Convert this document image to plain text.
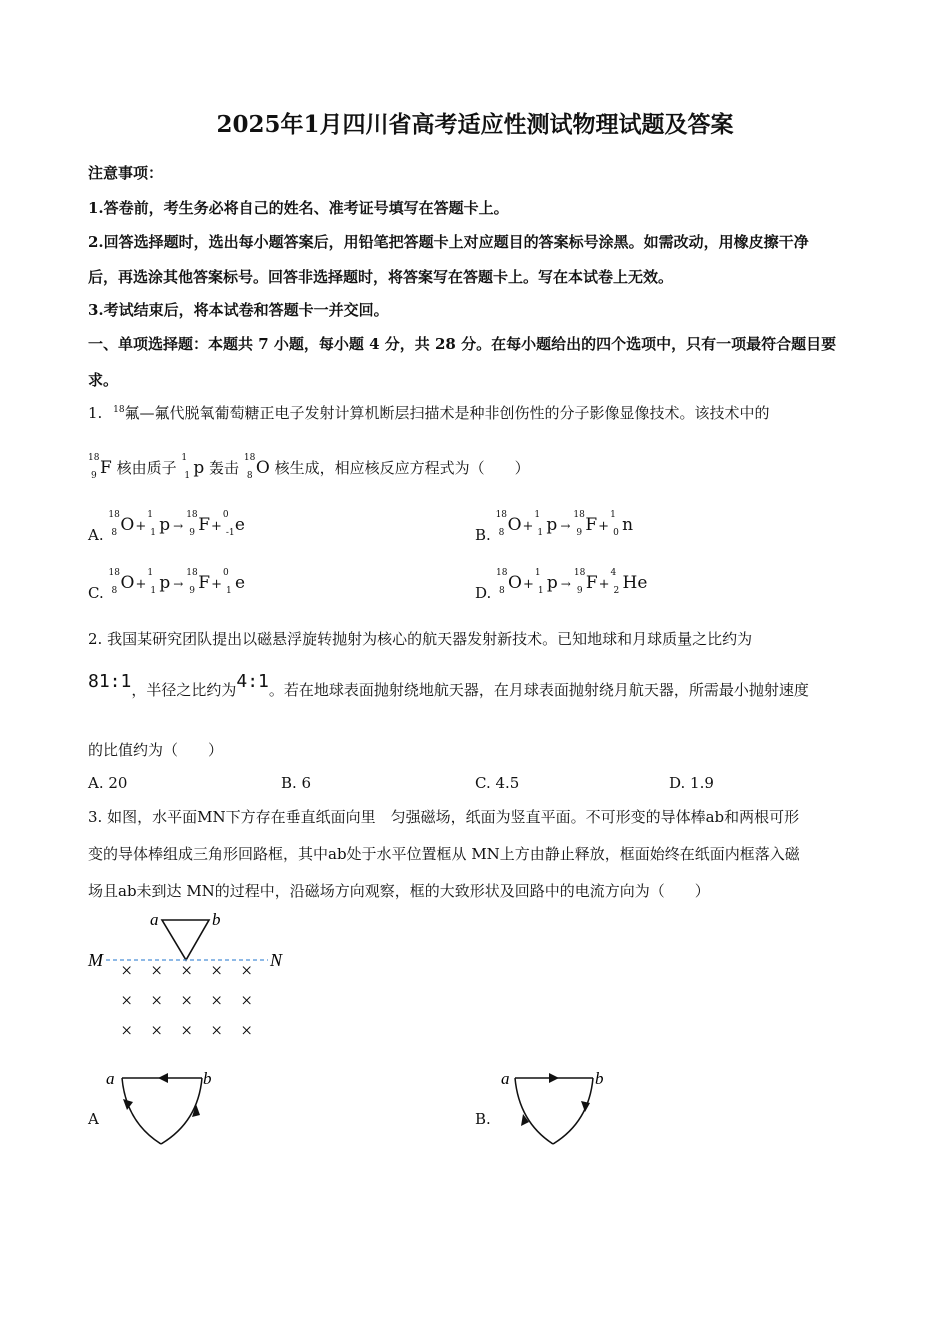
2025年1月四川省高考适应性测试物理试题及答案
注意事项：
1.答卷前，考生务必将自己的姓名、准考证号填写在答题卡上。
2.回答选择题时，选出每小题答案后，用铅笔把答题卡上对应题目的答案标号涂黑。如需改动，用橡皮擦干净
后，再选涂其他答案标号。回答非选择题时，将答案写在答题卡上。写在本试卷上无效。
3.考试结束后，将本试卷和答题卡一并交回。
一、单项选择题：本题共 7 小题，每小题 4 分，共 28 分。在每小题给出的四个选项中，只有一项最符合题目要
求。
1. $^{18}$氟—氟代脱氧葡萄糖正电子发射计算机断层扫描术是种非创伤性的分子影像显像技术。该技术中的
18
9 F 核由质子
1
1 p 轰击
18
8 O 核生成，相应核反应方程式为（　　）
A.
18
8 O+
1
1 p →
18
9 F+
0
-1 e	B.
18
8 O+
1
1 p →
18
9 F+
1
0 n
C.
18
8 O+
1
1 p →
18
9 F+
0
1 e	D.
18
8 O+
1
1 p →
18
9 F+
4
2 He
2. 我国某研究团队提出以磁悬浮旋转抛射为核心的航天器发射新技术。已知地球和月球质量之比约为
81:1，半径之比约为4:1。若在地球表面抛射绕地航天器，在月球表面抛射绕月航天器，所需最小抛射速度
的比值约为（　　）
A. 20	B. 6	C. 4.5	D. 1.9
3. 如图，水平面MN下方存在垂直纸面向里　匀强磁场，纸面为竖直平面。不可形变的导体棒ab和两根可形
变的导体棒组成三角形回路框，其中ab处于水平位置框从 MN上方由静止释放，框面始终在纸面内框落入磁
场且ab未到达 MN的过程中，沿磁场方向观察，框的大致形状及回路中的电流方向为（　　）
a	b
M	N
× × × × ×
× × × × ×
× × × × ×
A
a	b
B.
a	b
